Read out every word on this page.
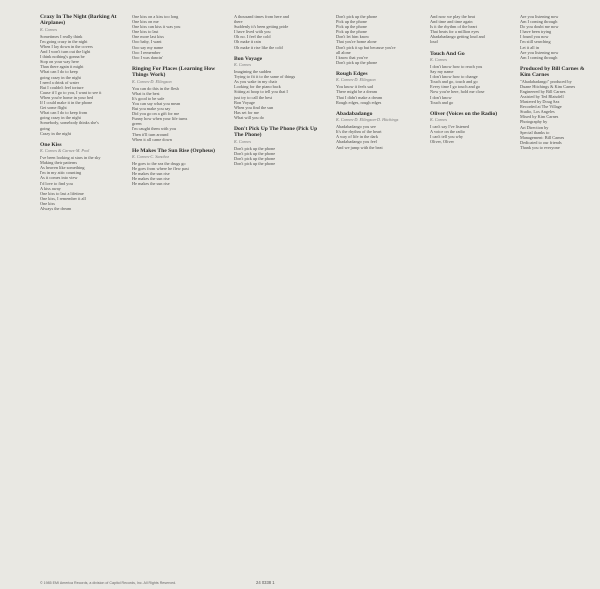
Crazy In The Night (Barking At Airplanes)
K. Carnes
Sometimes I really think
I'm going crazy in the night
When I lay down in the covers
And I won't turn out the light
I think nothing's gonna be
Stop on your way here
Than there again it might
What can I do to keep
going crazy in the night
I need a drink of water
But I couldn't feel torture
Cause if I go to you, I want to see it
When you're home in your bed
If I could make it in the phone
Get some flight
What can I do to keep from
going crazy in the night
Somebody, somebody thinks she's
going
Crazy in the night
One Kiss
K. Carnes & Carnes-M. Pool
I've been looking at stars in the sky
Making their patterns
As heaven like something
I'm in my attic counting
As it comes into view
I'd love to find you
A kiss away
One kiss to last a lifetime
One kiss, I remember it all
One kiss
Always the dream
One kiss on a kiss too long
One kiss on me
One kiss can kiss it was you
One kiss to last
One more last kiss
Ooo baby, I want
Ooo say my name
Ooo I remember
Ooo I was dancin'
Ringing For Places (Learning How Things Work)
K. Carnes-D. Ellingson
You can do this in the flesh
What is the best
It's good to be safe
You can say what you mean
But you make you say
Did you go on a gift for me
Funny how when your life turns
green
I'm caught them with you
Then it'll turn around
When it all came down
He Makes The Sun Rise (Orpheus)
K. Carnes-C. Sanchez
He goes to the sea the drugs go
He goes from where he flew past
He makes the sun rise
He makes the sun rise
He makes the sun rise
A thousand times from here and
there
Suddenly it's been getting pride
I have lived with you
Oh no. I feel the cold
Oh make it rain
Oh make it rise like the cold
Bon Voyage
K. Carnes
Imagining the sudden
Trying to fit it to the same of things
As you wake in my chair
Looking for the piano back
Sitting at hoop to tell you that I
just try to call the best
Bon Voyage
When you find the sun
Has set for me
What will you do
Don't Pick Up The Phone (Pick Up The Phone)
K. Carnes
Don't pick up the phone
Don't pick up the phone
Don't pick up the phone
Don't pick up the phone
Don't pick up the phone
Pick up the phone
Pick up the phone
Pick up the phone
Don't let him know
That you're home alone
Don't pick it up but because you're
all alone
I know that you've
Don't pick up the phone
Rough Edges
K. Carnes-D. Ellingson
You know it feels sad
There might be a dream
That I didn't make a dream
Rough edges, rough edges
Abadabadango
K. Carnes-D. Ellingson-D. Hitchings
Abadabadango you see
It's the rhythm of the heart
A way of life in the dark
Abadabadango you feel
And we jump with the beat
And now we play the beat
And time and time again
Is it the rhythm of the heart
That beats for a million eyes
Abadabadango getting loud and
loud
Touch And Go
K. Carnes
I don't know how to reach you
Say my name
I don't know how to change
Touch and go, touch and go
Every time I go touch and go
Now you're here, hold me close
I don't know
Touch and go
Oliver (Voices on the Radio)
K. Carnes
I can't say I've listened
A voice on the radio
I can't tell you why
Oliver, Oliver
Are you listening now
Am I coming through
Do you doubt me now
I have been trying
I found you now
I'm still searching
Let it all in
Are you listening now
Am I coming through
Produced by Bill Carnes & Kim Carnes
"Abadabadango" produced by
Duane Hitchings & Kim Carnes
Engineered by Bill Carnes
Assisted by Ted Blaisdell
Mastered by Doug Sax
Recorded at The Village
Studio, Los Angeles
Mixed by Kim Carnes
Photography by
Art Direction by
Special thanks to
Management: Bill Carnes
Dedicated to our friends
Thank you to everyone
© 1985 EMI America Records, a division of Capitol Records, Inc. All Rights Reserved.	24 0338 1
